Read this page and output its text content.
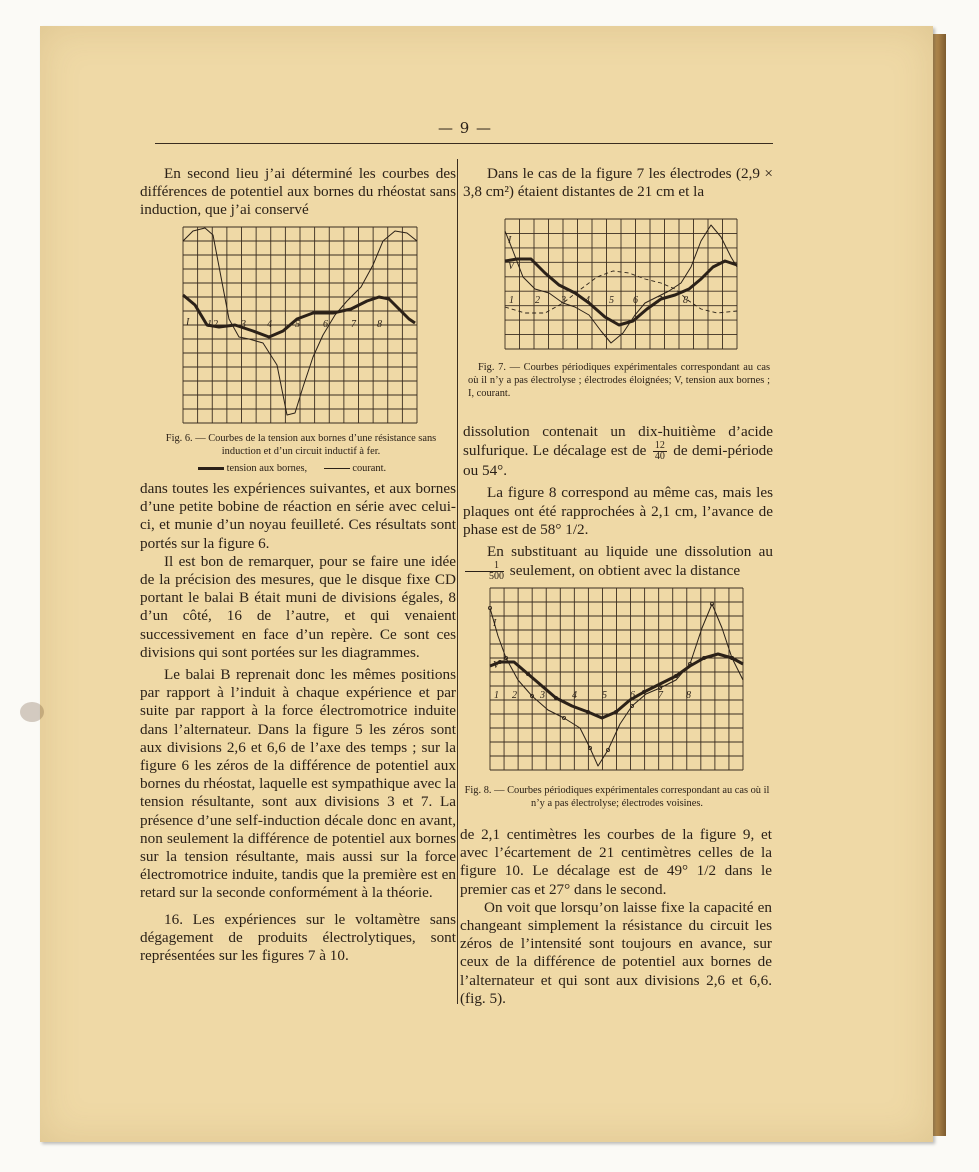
— 9 —

En second lieu j’ai déterminé les courbes des différences de potentiel aux bornes du rhéostat sans induction, que j’ai conservé

I 2 3 4 5 6 7 8
1
Fig. 6. — Courbes de la tension aux bornes d’une résistance sans induction et d’un circuit inductif à fer.
tension aux bornes,	courant.

dans toutes les expériences suivantes, et aux bornes d’une petite bobine de réaction en série avec celui-ci, et munie d’un noyau feuilleté. Ces résultats sont portés sur la figure 6.

Il est bon de remarquer, pour se faire une idée de la précision des mesures, que le disque fixe CD portant le balai B était muni de divisions égales, 8 d’un côté, 16 de l’autre, et qui venaient successivement en face d’un repère. Ce sont ces divisions qui sont portées sur les diagrammes.

Le balai B reprenait donc les mêmes positions par rapport à l’induit à chaque expérience et par suite par rapport à la force électromotrice induite dans l’alternateur. Dans la figure 5 les zéros sont aux divisions 2,6 et 6,6 de l’axe des temps ; sur la figure 6 les zéros de la différence de potentiel aux bornes du rhéostat, laquelle est sympathique avec la tension résultante, sont aux divisions 3 et 7. La présence d’une self-induction décale donc en avant, non seulement la différence de potentiel aux bornes sur la tension résultante, mais aussi sur la force électromotrice induite, tandis que la première est en retard sur la seconde conformément à la théorie.

16. Les expériences sur le voltamètre sans dégagement de produits électrolytiques, sont représentées sur les figures 7 à 10.

Dans le cas de la figure 7 les électrodes (2,9 × 3,8 cm²) étaient distantes de 21 cm et la

I
V
1 2 3 4 5 6 7 8
Fig. 7. — Courbes périodiques expérimentales correspondant au cas où il n’y a pas électrolyse ; électrodes éloignées; V, tension aux bornes ; I, courant.

dissolution contenait un dix-huitième d’acide sulfurique. Le décalage est de $\frac{12}{40}$ de demi-période ou 54°.

La figure 8 correspond au même cas, mais les plaques ont été rapprochées à 2,1 cm, l’avance de phase est de 58° 1/2.

En substituant au liquide une dissolution au
$\frac{1}{500}$ seulement, on obtient avec la distance

I
V
1 2 3	4	5 6 7 8
Fig. 8. — Courbes périodiques expérimentales correspondant au cas où il n’y a pas électrolyse; électrodes voisines.

de 2,1 centimètres les courbes de la figure 9, et avec l’écartement de 21 centimètres celles de la figure 10. Le décalage est de 49° 1/2 dans le premier cas et 27° dans le second.

On voit que lorsqu’on laisse fixe la capacité en changeant simplement la résistance du circuit les zéros de l’intensité sont toujours en avance, sur ceux de la différence de potentiel aux bornes de l’alternateur et qui sont aux divisions 2,6 et 6,6. (fig. 5).
